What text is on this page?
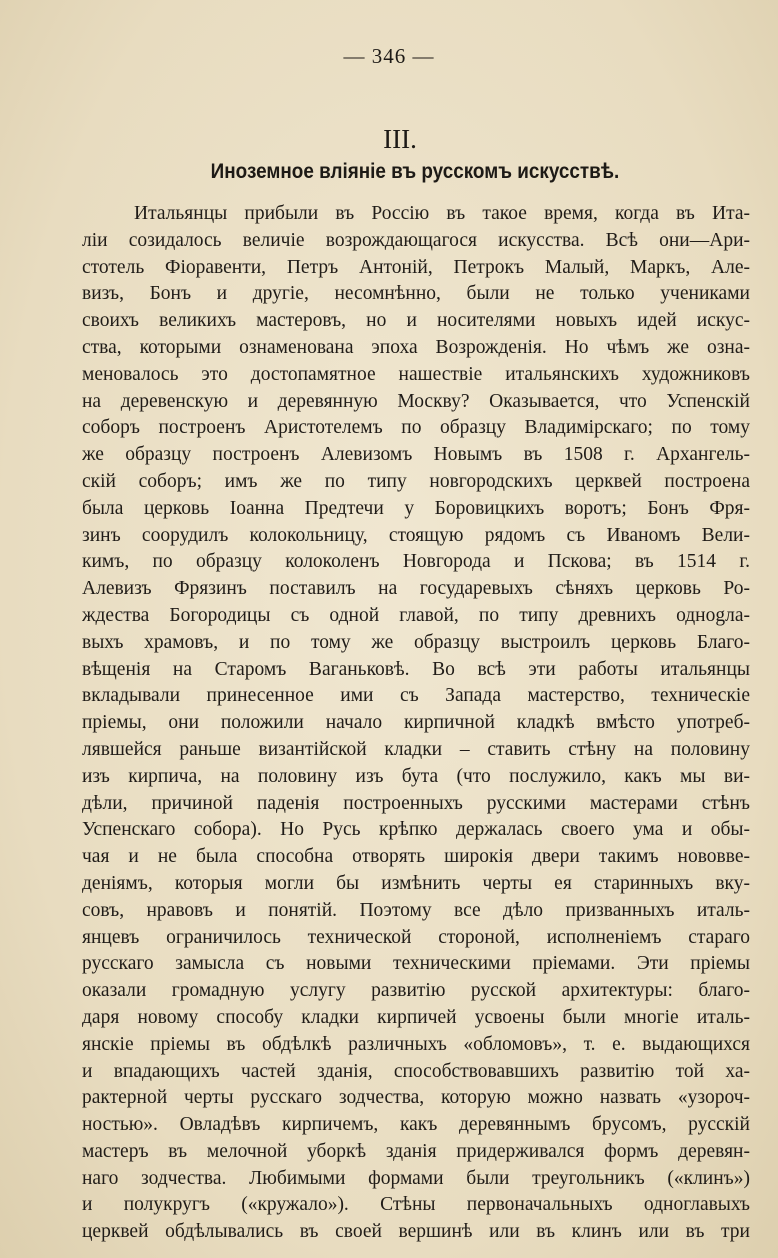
— 346 —
III.
Иноземное вліяніе въ русскомъ искусствѣ.
Итальянцы прибыли въ Россію въ такое время, когда въ Ита-
ліи созидалось величіе возрождающагося искусства. Всѣ они—Ари-
стотель Фіоравенти, Петръ Антоній, Петрокъ Малый, Маркъ, Але-
визъ, Бонъ и другіе, несомнѣнно, были не только учениками
своихъ великихъ мастеровъ, но и носителями новыхъ идей искус-
ства, которыми ознаменована эпоха Возрожденія. Но чѣмъ же озна-
меновалось это достопамятное нашествіе итальянскихъ художниковъ
на деревенскую и деревянную Москву? Оказывается, что Успенскій
соборъ построенъ Аристотелемъ по образцу Владимірскаго; по тому
же образцу построенъ Алевизомъ Новымъ въ 1508 г. Архангель-
скій соборъ; имъ же по типу новгородскихъ церквей построена
была церковь Іоанна Предтечи у Боровицкихъ воротъ; Бонъ Фря-
зинъ соорудилъ колокольницу, стоящую рядомъ съ Иваномъ Вели-
кимъ, по образцу колоколенъ Новгорода и Пскова; въ 1514 г.
Алевизъ Фрязинъ поставилъ на государевыхъ сѣняхъ церковь Ро-
ждества Богородицы съ одной главой, по типу древнихъ однogла-
выхъ храмовъ, и по тому же образцу выстроилъ церковь Благо-
вѣщенія на Старомъ Ваганьковѣ. Во всѣ эти работы итальянцы
вкладывали принесенное ими съ Запада мастерство, техническіе
пріемы, они положили начало кирпичной кладкѣ вмѣсто употреб-
лявшейся раньше византійской кладки – ставить стѣну на половину
изъ кирпича, на половину изъ бута (что послужило, какъ мы ви-
дѣли, причиной паденія построенныхъ русскими мастерами стѣнъ
Успенскаго собора). Но Русь крѣпко держалась своего ума и обы-
чая и не была способна отворять широкія двери такимъ нововве-
деніямъ, которыя могли бы измѣнить черты ея старинныхъ вку-
совъ, нравовъ и понятій. Поэтому все дѣло призванныхъ италь-
янцевъ ограничилось технической стороной, исполненіемъ стараго
русскаго замысла съ новыми техническими пріемами. Эти пріемы
оказали громадную услугу развитію русской архитектуры: благо-
даря новому способу кладки кирпичей усвоены были многіе италь-
янскіе пріемы въ обдѣлкѣ различныхъ «обломовъ», т. е. выдающихся
и впадающихъ частей зданія, способствовавшихъ развитію той ха-
рактерной черты русскаго зодчества, которую можно назвать «узороч-
ностью». Овладѣвъ кирпичемъ, какъ деревяннымъ брусомъ, русскій
мастеръ въ мелочной уборкѣ зданія придерживался формъ деревян-
наго зодчества. Любимыми формами были треугольникъ («клинъ»)
и полукругъ («кружало»). Стѣны первоначальныхъ одноглавыхъ
церквей обдѣлывались въ своей вершинѣ или въ клинъ или въ три
